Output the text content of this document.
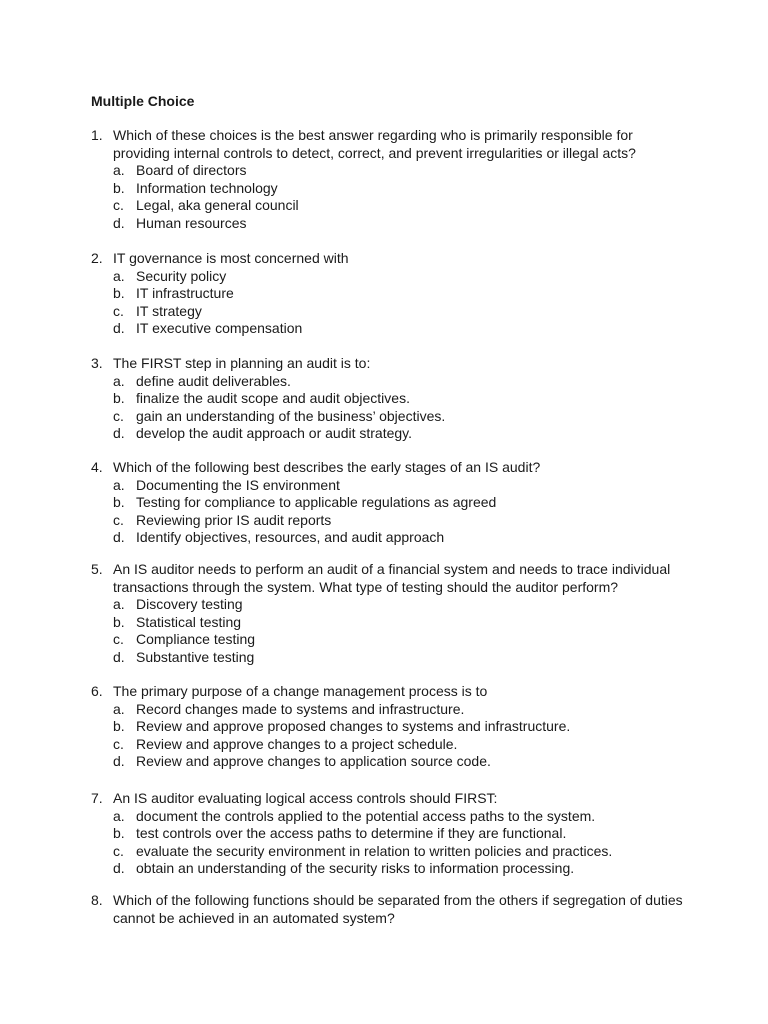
Multiple Choice
1. Which of these choices is the best answer regarding who is primarily responsible for
providing internal controls to detect, correct, and prevent irregularities or illegal acts?
a. Board of directors
b. Information technology
c. Legal, aka general council
d. Human resources
2. IT governance is most concerned with
a. Security policy
b. IT infrastructure
c. IT strategy
d. IT executive compensation
3. The FIRST step in planning an audit is to:
a. define audit deliverables.
b. finalize the audit scope and audit objectives.
c. gain an understanding of the business’ objectives.
d. develop the audit approach or audit strategy.
4. Which of the following best describes the early stages of an IS audit?
a. Documenting the IS environment
b. Testing for compliance to applicable regulations as agreed
c. Reviewing prior IS audit reports
d. Identify objectives, resources, and audit approach
5. An IS auditor needs to perform an audit of a financial system and needs to trace individual
transactions through the system. What type of testing should the auditor perform?
a. Discovery testing
b. Statistical testing
c. Compliance testing
d. Substantive testing
6. The primary purpose of a change management process is to
a. Record changes made to systems and infrastructure.
b. Review and approve proposed changes to systems and infrastructure.
c. Review and approve changes to a project schedule.
d. Review and approve changes to application source code.
7. An IS auditor evaluating logical access controls should FIRST:
a. document the controls applied to the potential access paths to the system.
b. test controls over the access paths to determine if they are functional.
c. evaluate the security environment in relation to written policies and practices.
d. obtain an understanding of the security risks to information processing.
8. Which of the following functions should be separated from the others if segregation of duties
cannot be achieved in an automated system?
